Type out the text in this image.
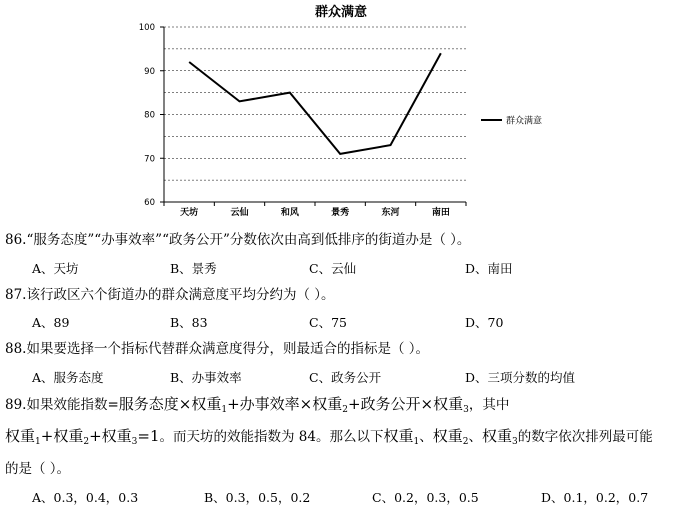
群众满意
60
70
80
90
100
天坊	云仙	和风	景秀	东河	南田
群众满意
86.“服务态度”“办事效率”“政务公开”分数依次由高到低排序的街道办是（ ）。
A、天坊	B、景秀	C、云仙	D、南田
87.该行政区六个街道办的群众满意度平均分约为（ ）。
A、89	B、83	C、75	D、70
88.如果要选择一个指标代替群众满意度得分，则最适合的指标是（ ）。
A、服务态度	B、办事效率	C、政务公开	D、三项分数的均值
89.如果效能指数=服务态度×权重$_1$+办事效率×权重$_2$+政务公开×权重$_3$，其中
权重$_1$+权重$_2$+权重$_3$=1。而天坊的效能指数为 84。那么以下权重$_1$、权重$_2$、权重$_3$的数字依次排列最可能
的是（ ）。
A、0.3，0.4，0.3	B、0.3，0.5，0.2	C、0.2，0.3，0.5	D、0.1，0.2，0.7
